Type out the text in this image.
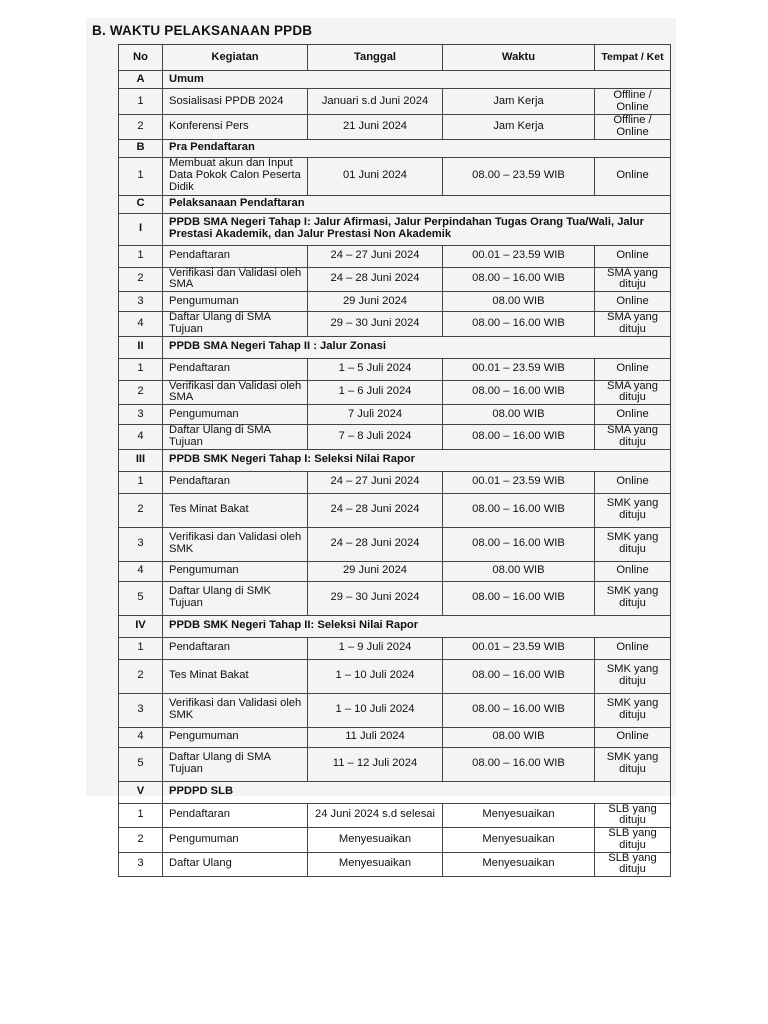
B. WAKTU PELAKSANAAN PPDB
No	Kegiatan	Tanggal	Waktu	Tempat / Ket
A	Umum			
1	Sosialisasi PPDB 2024	Januari s.d Juni 2024	Jam Kerja	Offline / Online
2	Konferensi Pers	21 Juni 2024	Jam Kerja	Offline / Online
B	Pra Pendaftaran			
1	Membuat akun dan Input Data Pokok Calon Peserta Didik	01 Juni 2024	08.00 – 23.59 WIB	Online
C	Pelaksanaan Pendaftaran			
I	PPDB SMA Negeri Tahap I: Jalur Afirmasi, Jalur Perpindahan Tugas Orang Tua/Wali, Jalur Prestasi Akademik, dan Jalur Prestasi Non Akademik			
1	Pendaftaran	24 – 27 Juni 2024	00.01 – 23.59 WIB	Online
2	Verifikasi dan Validasi oleh SMA	24 – 28 Juni 2024	08.00 – 16.00 WIB	SMA yang dituju
3	Pengumuman	29 Juni 2024	08.00 WIB	Online
4	Daftar Ulang di SMA Tujuan	29 – 30 Juni 2024	08.00 – 16.00 WIB	SMA yang dituju
II	PPDB SMA Negeri Tahap II : Jalur Zonasi			
1	Pendaftaran	1 – 5 Juli 2024	00.01 – 23.59 WIB	Online
2	Verifikasi dan Validasi oleh SMA	1 – 6 Juli 2024	08.00 – 16.00 WIB	SMA yang dituju
3	Pengumuman	7 Juli 2024	08.00 WIB	Online
4	Daftar Ulang di SMA Tujuan	7 – 8 Juli 2024	08.00 – 16.00 WIB	SMA yang dituju
III	PPDB SMK Negeri Tahap I: Seleksi Nilai Rapor			
1	Pendaftaran	24 – 27 Juni 2024	00.01 – 23.59 WIB	Online
2	Tes Minat Bakat	24 – 28 Juni 2024	08.00 – 16.00 WIB	SMK yang dituju
3	Verifikasi dan Validasi oleh SMK	24 – 28 Juni 2024	08.00 – 16.00 WIB	SMK yang dituju
4	Pengumuman	29 Juni 2024	08.00 WIB	Online
5	Daftar Ulang di SMK Tujuan	29 – 30 Juni 2024	08.00 – 16.00 WIB	SMK yang dituju
IV	PPDB SMK Negeri Tahap II: Seleksi Nilai Rapor			
1	Pendaftaran	1 – 9 Juli 2024	00.01 – 23.59 WIB	Online
2	Tes Minat Bakat	1 – 10 Juli 2024	08.00 – 16.00 WIB	SMK yang dituju
3	Verifikasi dan Validasi oleh SMK	1 – 10 Juli 2024	08.00 – 16.00 WIB	SMK yang dituju
4	Pengumuman	11 Juli 2024	08.00 WIB	Online
5	Daftar Ulang di SMA Tujuan	11 – 12 Juli 2024	08.00 – 16.00 WIB	SMK yang dituju
V	PPDPD SLB			
1	Pendaftaran	24 Juni 2024 s.d selesai	Menyesuaikan	SLB yang dituju
2	Pengumuman	Menyesuaikan	Menyesuaikan	SLB yang dituju
3	Daftar Ulang	Menyesuaikan	Menyesuaikan	SLB yang dituju
